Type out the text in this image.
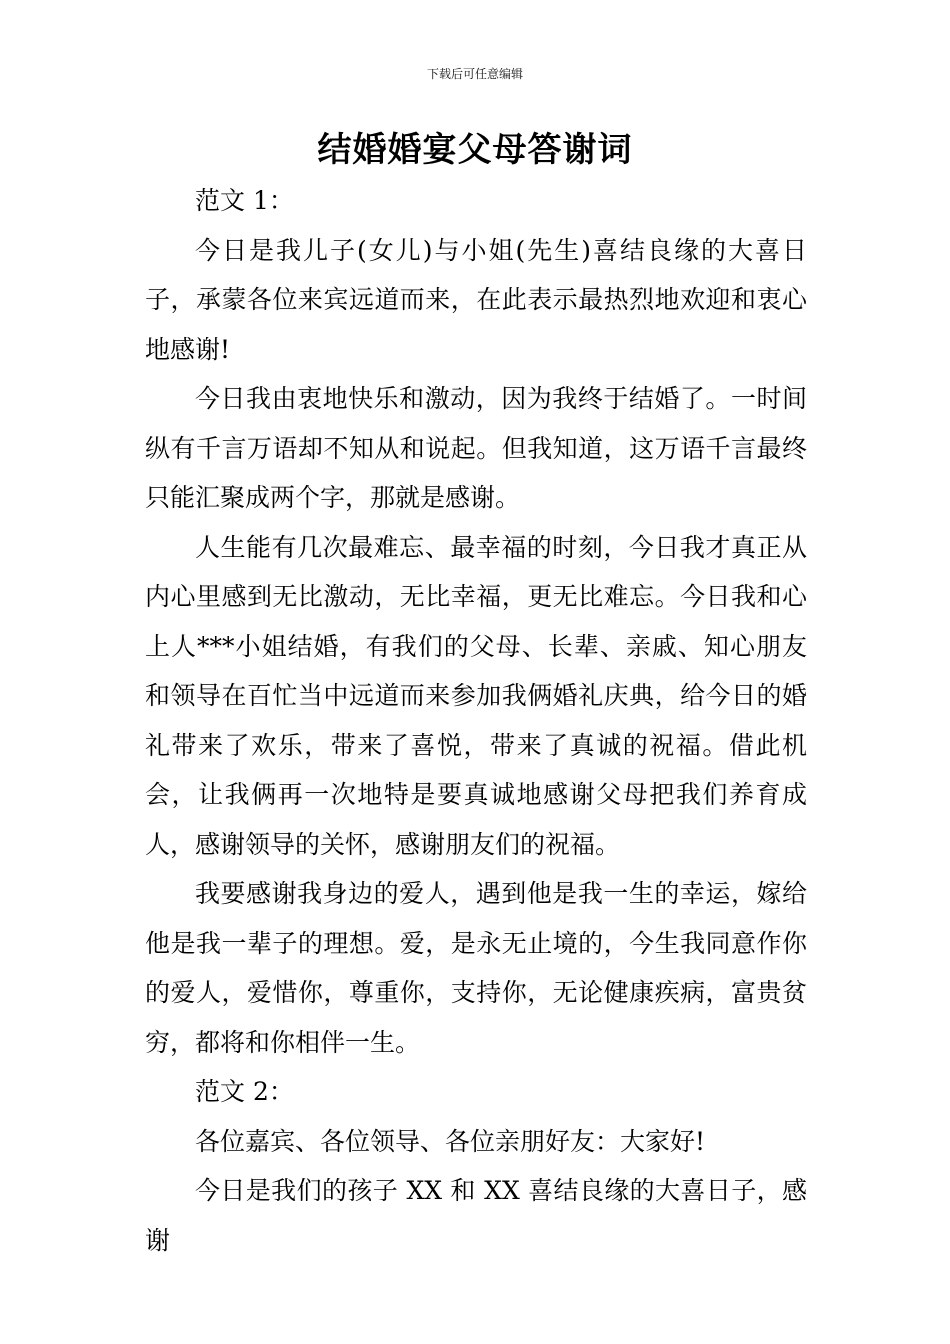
下载后可任意编辑
结婚婚宴父母答谢词

范文 1：

今日是我儿子(女儿)与小姐(先生)喜结良缘的大喜日子，承蒙各位来宾远道而来，在此表示最热烈地欢迎和衷心地感谢!

今日我由衷地快乐和激动，因为我终于结婚了。一时间纵有千言万语却不知从和说起。但我知道，这万语千言最终只能汇聚成两个字，那就是感谢。

人生能有几次最难忘、最幸福的时刻，今日我才真正从内心里感到无比激动，无比幸福，更无比难忘。今日我和心上人***小姐结婚，有我们的父母、长辈、亲戚、知心朋友和领导在百忙当中远道而来参加我俩婚礼庆典，给今日的婚礼带来了欢乐，带来了喜悦，带来了真诚的祝福。借此机会，让我俩再一次地特是要真诚地感谢父母把我们养育成人，感谢领导的关怀，感谢朋友们的祝福。

我要感谢我身边的爱人，遇到他是我一生的幸运，嫁给他是我一辈子的理想。爱，是永无止境的，今生我同意作你的爱人，爱惜你，尊重你，支持你，无论健康疾病，富贵贫穷，都将和你相伴一生。

范文 2：

各位嘉宾、各位领导、各位亲朋好友：大家好!

今日是我们的孩子 XX 和 XX 喜结良缘的大喜日子，感谢
